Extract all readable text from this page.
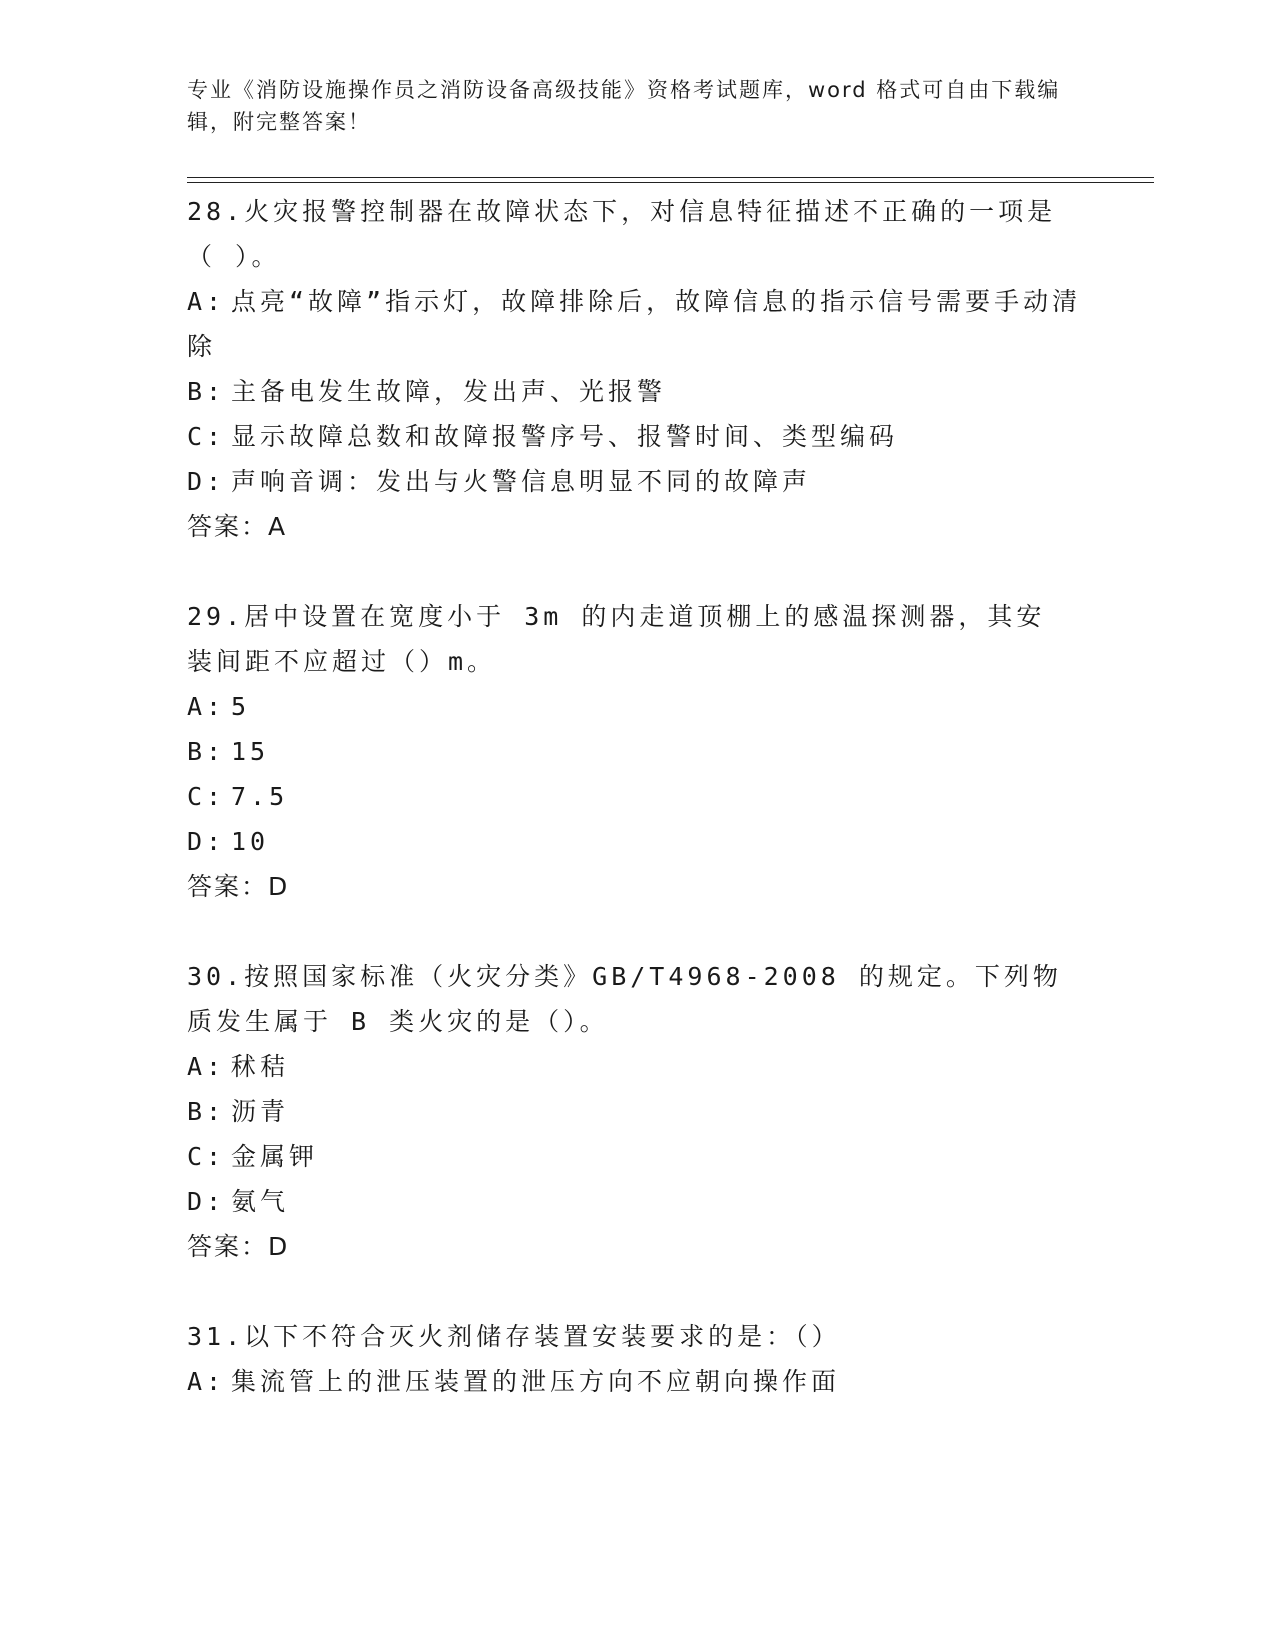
专业《消防设施操作员之消防设备高级技能》资格考试题库，word 格式可自由下载编辑，附完整答案！
28.火灾报警控制器在故障状态下，对信息特征描述不正确的一项是（ ）。
A: 点亮“故障”指示灯，故障排除后，故障信息的指示信号需要手动清除
B: 主备电发生故障，发出声、光报警
C: 显示故障总数和故障报警序号、报警时间、类型编码
D: 声响音调：发出与火警信息明显不同的故障声
答案：A
29.居中设置在宽度小于 3m 的内走道顶棚上的感温探测器，其安装间距不应超过（）m。
A: 5
B: 15
C: 7.5
D: 10
答案：D
30.按照国家标准（火灾分类》GB/T4968-2008 的规定。下列物质发生属于 B 类火灾的是（）。
A: 秫秸
B: 沥青
C: 金属钾
D: 氨气
答案：D
31.以下不符合灭火剂储存装置安装要求的是：（）
A: 集流管上的泄压装置的泄压方向不应朝向操作面
